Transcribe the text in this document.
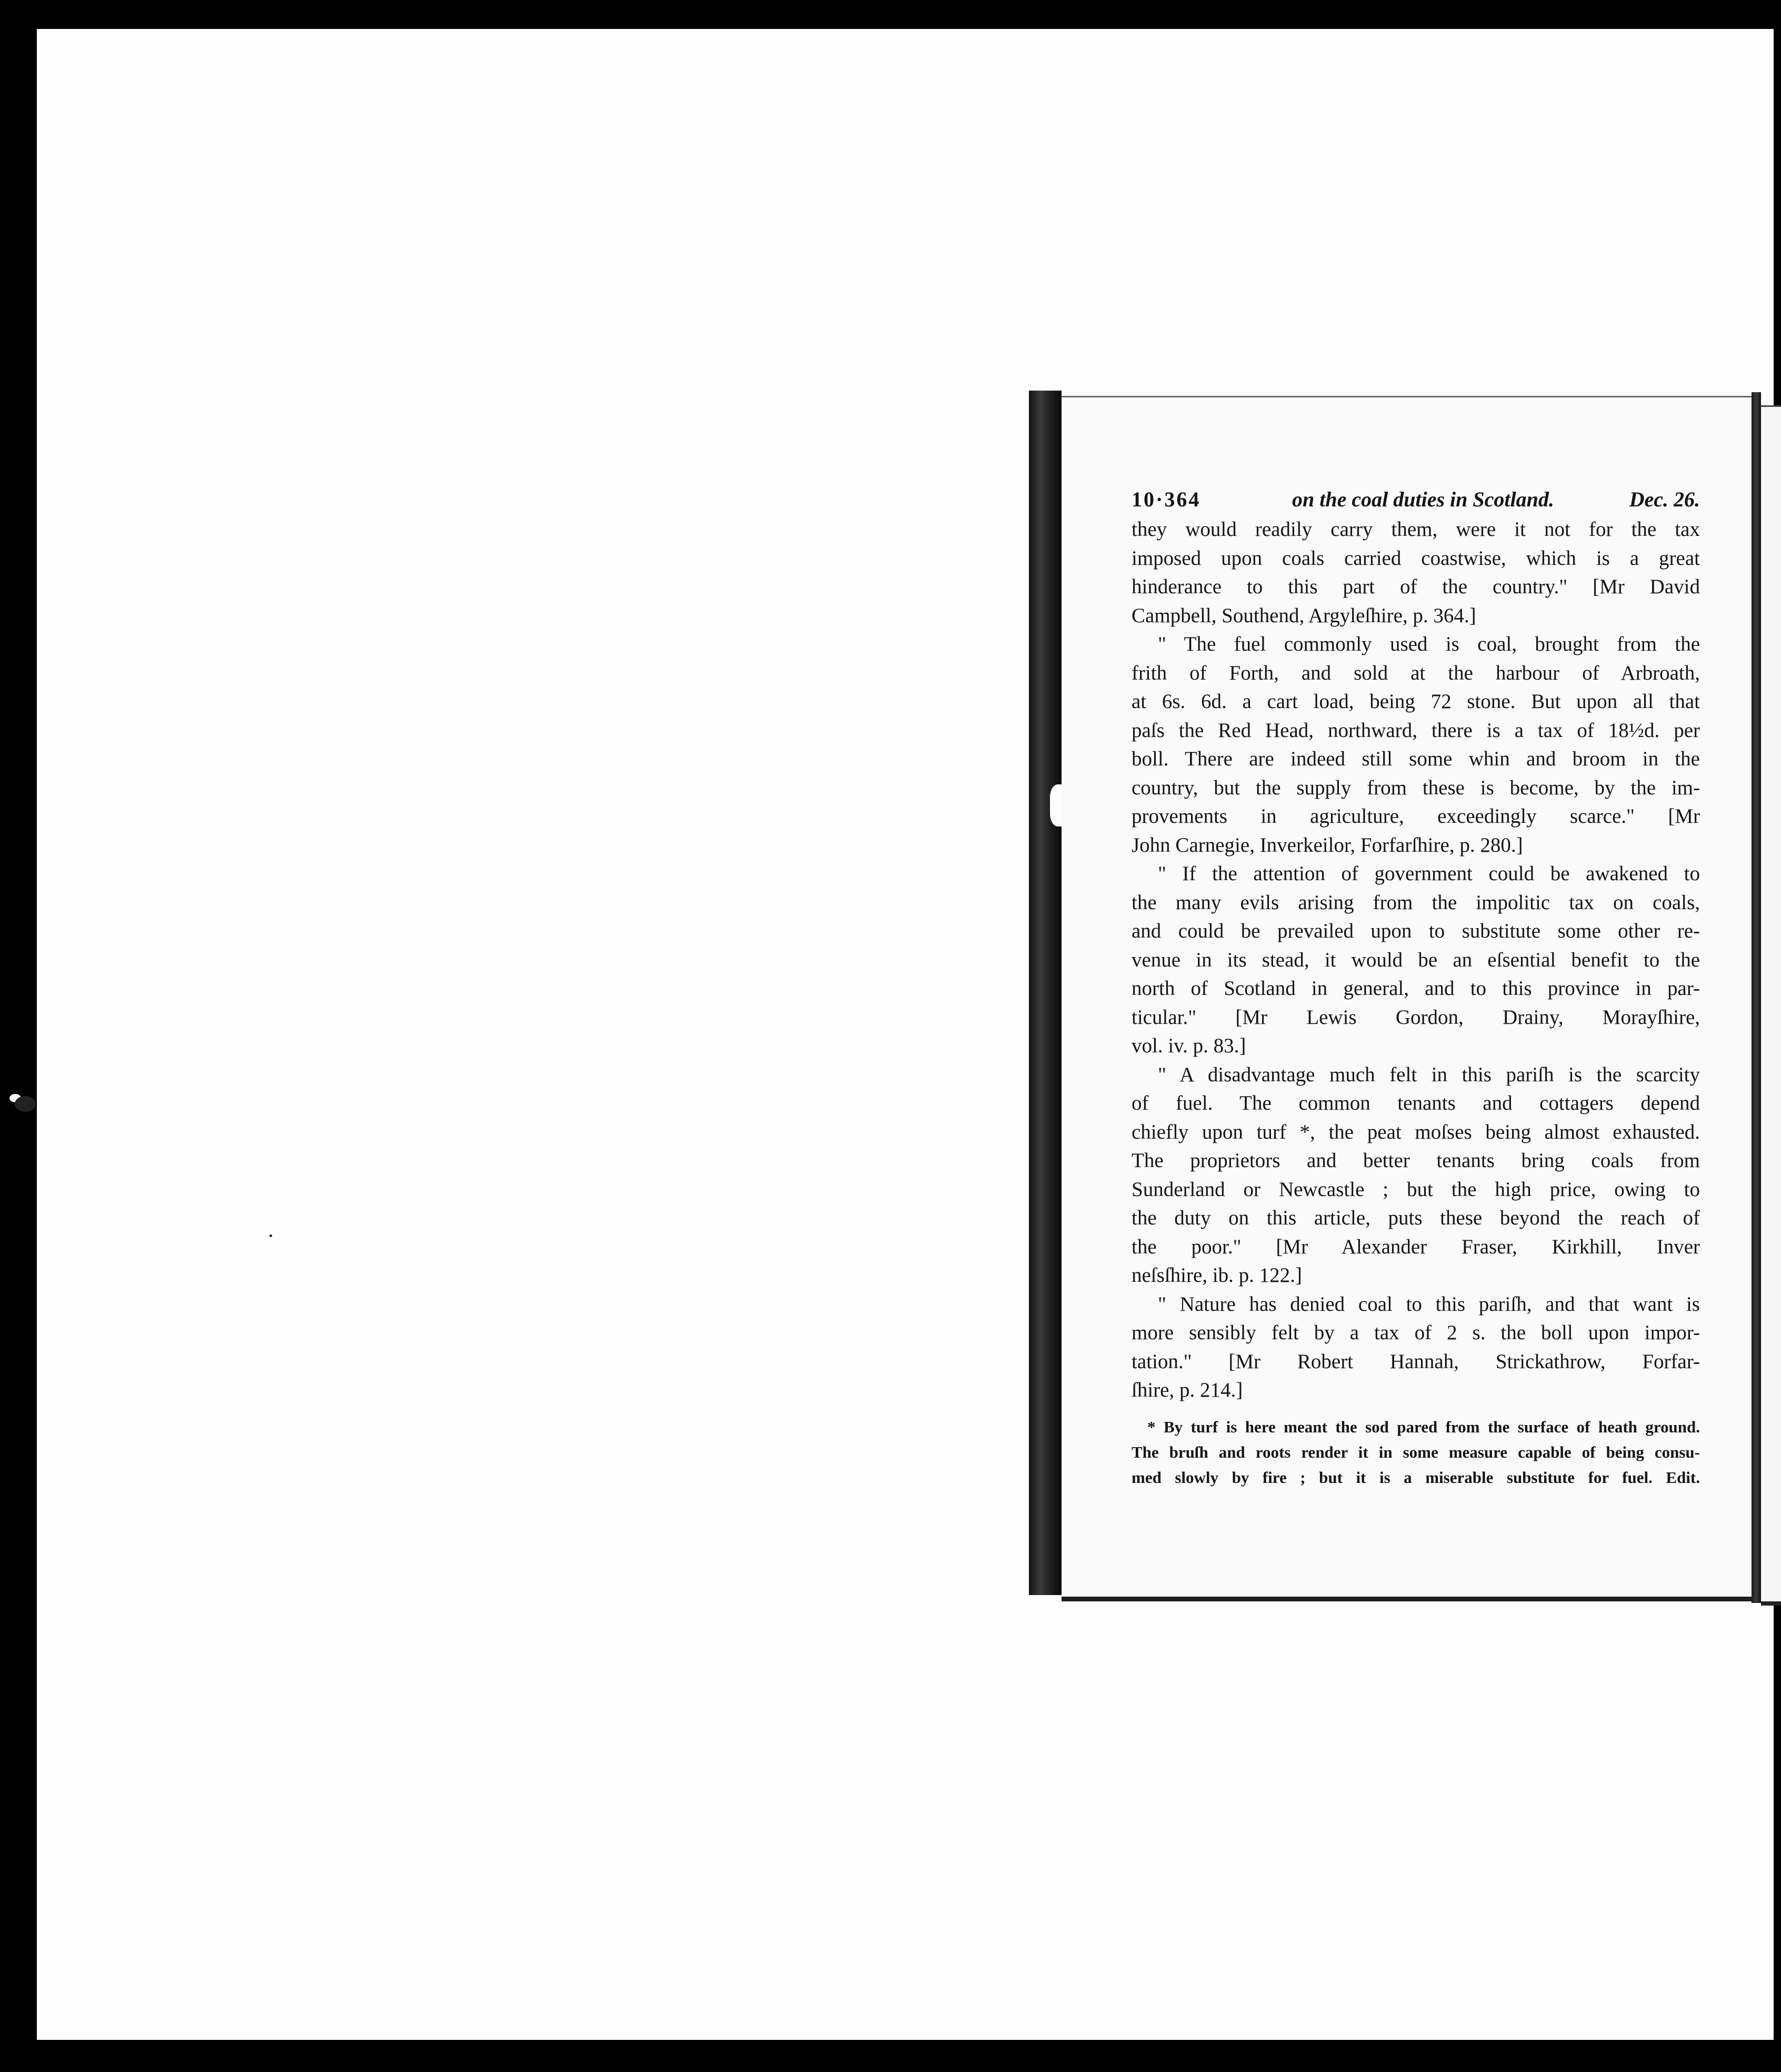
10·364	on the coal duties in Scotland.	Dec. 26.
they would readily carry them, were it not for the tax
imposed upon coals carried coastwise, which is a great
hinderance to this part of the country." [Mr David
Campbell, Southend, Argyleſhire, p. 364.]
" The fuel commonly used is coal, brought from the
frith of Forth, and sold at the harbour of Arbroath,
at 6s. 6d. a cart load, being 72 stone. But upon all that
paſs the Red Head, northward, there is a tax of 18½d. per
boll. There are indeed still some whin and broom in the
country, but the supply from these is become, by the im-
provements in agriculture, exceedingly scarce." [Mr
John Carnegie, Inverkeilor, Forfarſhire, p. 280.]
" If the attention of government could be awakened to
the many evils arising from the impolitic tax on coals,
and could be prevailed upon to substitute some other re-
venue in its stead, it would be an eſsential benefit to the
north of Scotland in general, and to this province in par-
ticular." [Mr Lewis Gordon, Drainy, Morayſhire,
vol. iv. p. 83.]
" A disadvantage much felt in this pariſh is the scarcity
of fuel. The common tenants and cottagers depend
chiefly upon turf *, the peat moſses being almost exhausted.
The proprietors and better tenants bring coals from
Sunderland or Newcastle ; but the high price, owing to
the duty on this article, puts these beyond the reach of
the poor." [Mr Alexander Fraser, Kirkhill, Inver
neſsſhire, ib. p. 122.]
" Nature has denied coal to this pariſh, and that want is
more sensibly felt by a tax of 2 s. the boll upon impor-
tation." [Mr Robert Hannah, Strickathrow, Forfar-
ſhire, p. 214.]
* By turf is here meant the sod pared from the surface of heath ground.
The bruſh and roots render it in some measure capable of being consu-
med slowly by fire ; but it is a miserable substitute for fuel. Edit.
